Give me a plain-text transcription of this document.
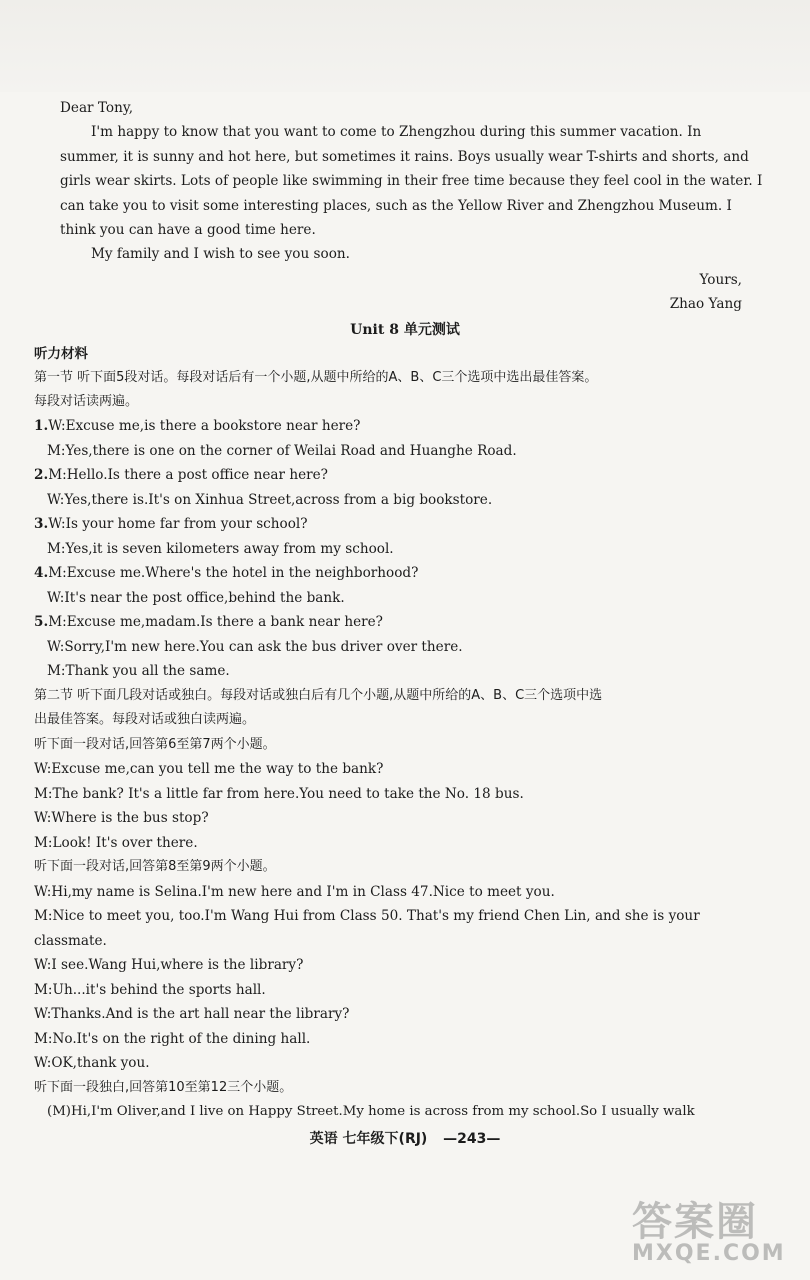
Dear Tony,
I'm happy to know that you want to come to Zhengzhou during this summer vacation. In
summer, it is sunny and hot here, but sometimes it rains. Boys usually wear T-shirts and shorts, and
girls wear skirts. Lots of people like swimming in their free time because they feel cool in the water. I
can take you to visit some interesting places, such as the Yellow River and Zhengzhou Museum. I
think you can have a good time here.
My family and I wish to see you soon.
Yours,
Zhao Yang
Unit 8 单元测试
听力材料
第一节 听下面5段对话。每段对话后有一个小题,从题中所给的A、B、C三个选项中选出最佳答案。
每段对话读两遍。
1.W:Excuse me,is there a bookstore near here?
M:Yes,there is one on the corner of Weilai Road and Huanghe Road.
2.M:Hello.Is there a post office near here?
W:Yes,there is.It's on Xinhua Street,across from a big bookstore.
3.W:Is your home far from your school?
M:Yes,it is seven kilometers away from my school.
4.M:Excuse me.Where's the hotel in the neighborhood?
W:It's near the post office,behind the bank.
5.M:Excuse me,madam.Is there a bank near here?
W:Sorry,I'm new here.You can ask the bus driver over there.
M:Thank you all the same.
第二节 听下面几段对话或独白。每段对话或独白后有几个小题,从题中所给的A、B、C三个选项中选
出最佳答案。每段对话或独白读两遍。
听下面一段对话,回答第6至第7两个小题。
W:Excuse me,can you tell me the way to the bank?
M:The bank? It's a little far from here.You need to take the No. 18 bus.
W:Where is the bus stop?
M:Look! It's over there.
听下面一段对话,回答第8至第9两个小题。
W:Hi,my name is Selina.I'm new here and I'm in Class 47.Nice to meet you.
M:Nice to meet you, too.I'm Wang Hui from Class 50. That's my friend Chen Lin, and she is your
classmate.
W:I see.Wang Hui,where is the library?
M:Uh...it's behind the sports hall.
W:Thanks.And is the art hall near the library?
M:No.It's on the right of the dining hall.
W:OK,thank you.
听下面一段独白,回答第10至第12三个小题。
(M)Hi,I'm Oliver,and I live on Happy Street.My home is across from my school.So I usually walk
英语 七年级下(RJ) —243—
答案圈
MXQE.COM
